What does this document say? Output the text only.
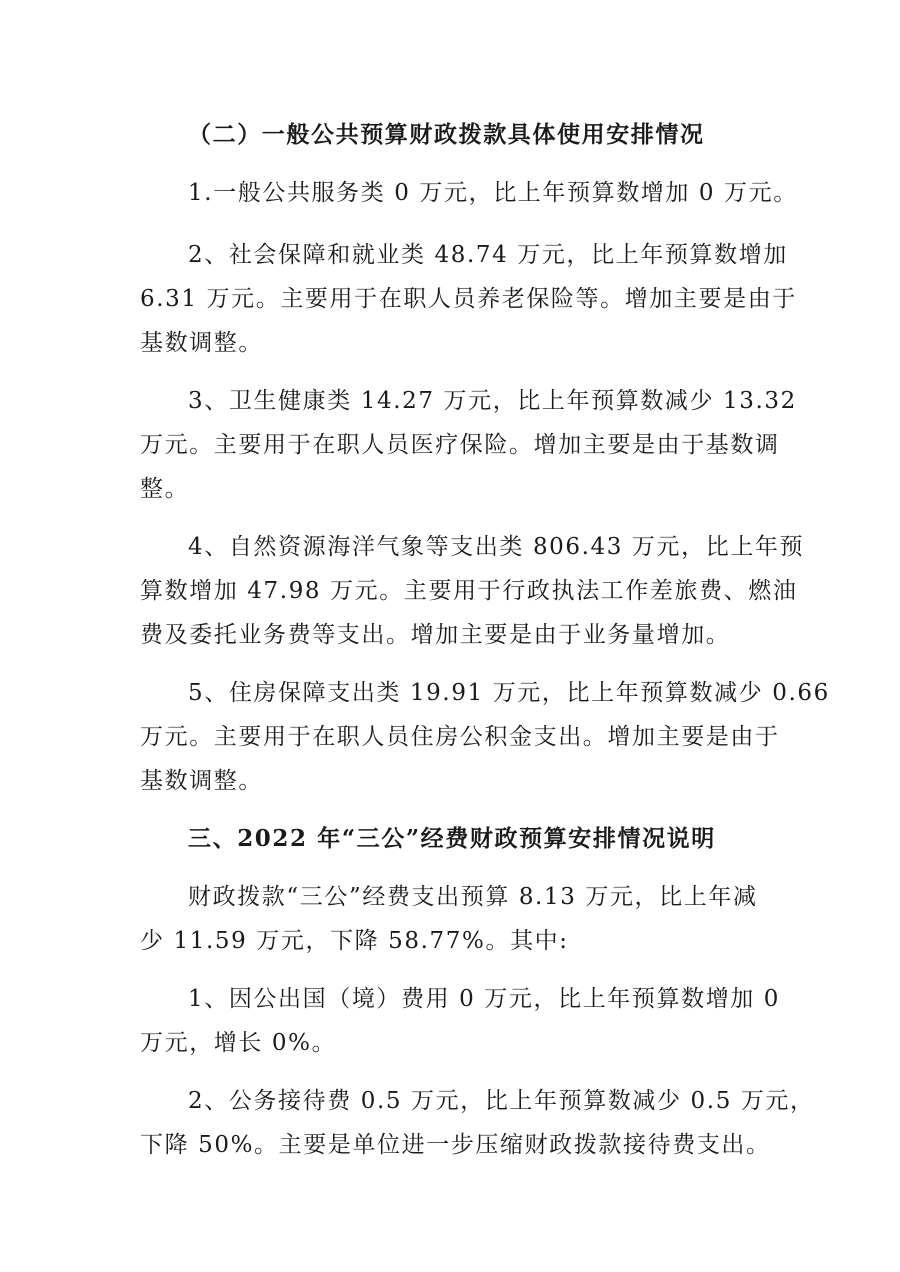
（二）一般公共预算财政拨款具体使用安排情况
1.一般公共服务类 0 万元，比上年预算数增加 0 万元。
2、社会保障和就业类 48.74 万元，比上年预算数增加
6.31 万元。主要用于在职人员养老保险等。增加主要是由于
基数调整。
3、卫生健康类 14.27 万元，比上年预算数减少 13.32
万元。主要用于在职人员医疗保险。增加主要是由于基数调
整。
4、自然资源海洋气象等支出类 806.43 万元，比上年预
算数增加 47.98 万元。主要用于行政执法工作差旅费、燃油
费及委托业务费等支出。增加主要是由于业务量增加。
5、住房保障支出类 19.91 万元，比上年预算数减少 0.66
万元。主要用于在职人员住房公积金支出。增加主要是由于
基数调整。
三、2022 年“三公”经费财政预算安排情况说明
财政拨款“三公”经费支出预算 8.13 万元，比上年减
少 11.59 万元，下降 58.77%。其中:
1、因公出国（境）费用 0 万元，比上年预算数增加 0
万元，增长 0%。
2、公务接待费 0.5 万元，比上年预算数减少 0.5 万元，
下降 50%。主要是单位进一步压缩财政拨款接待费支出。
